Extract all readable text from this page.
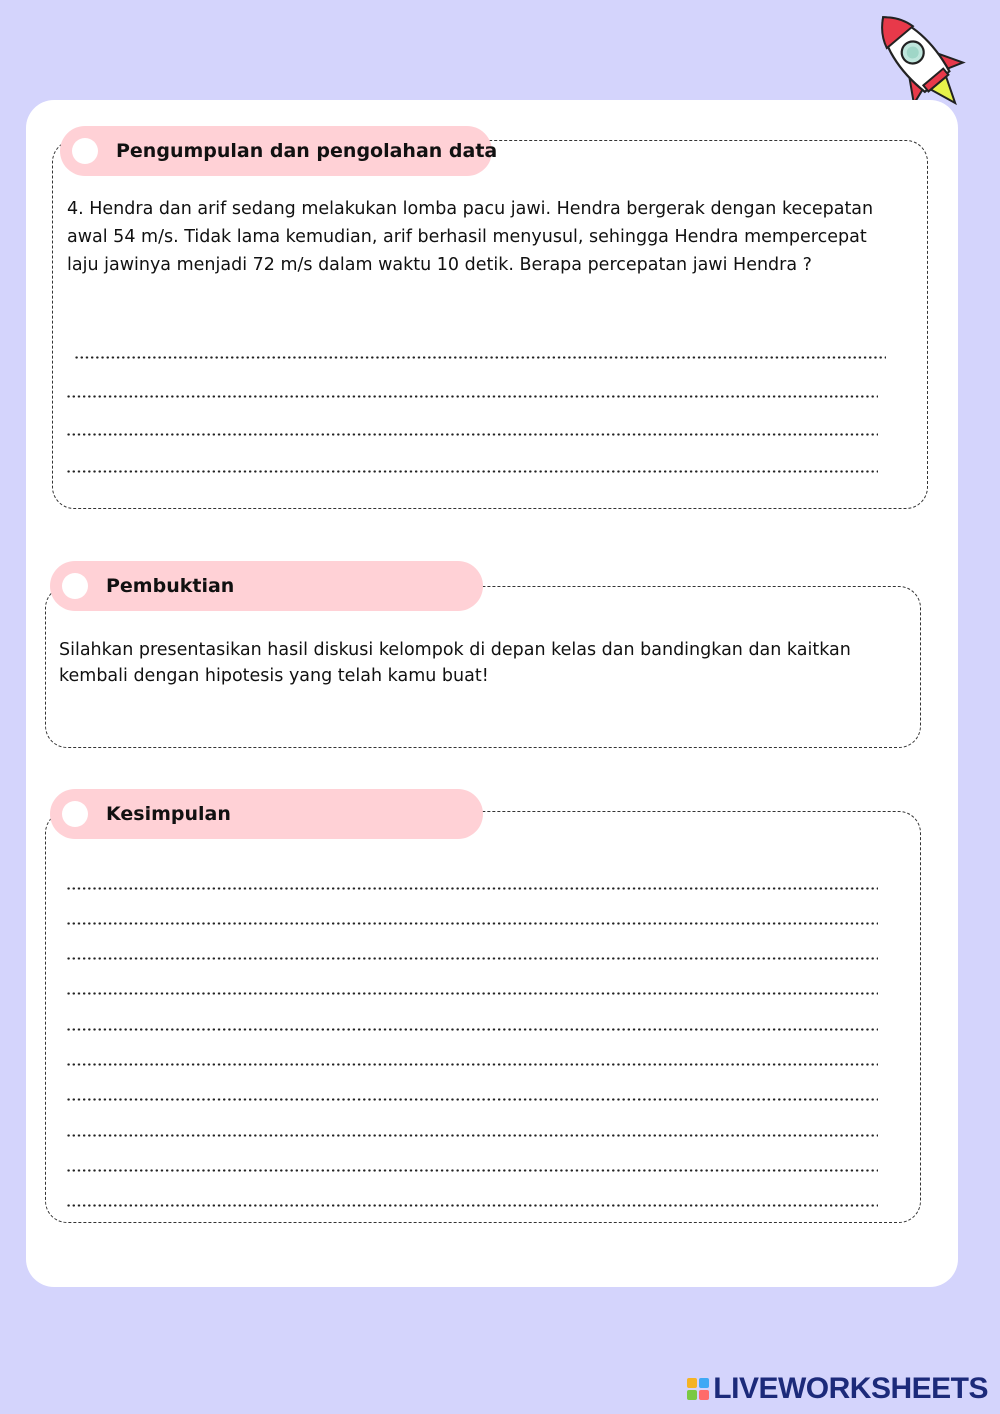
Pengumpulan dan pengolahan data
4. Hendra dan arif sedang melakukan lomba pacu jawi. Hendra bergerak dengan kecepatan awal 54 m/s. Tidak lama kemudian, arif berhasil menyusul, sehingga Hendra mempercepat laju jawinya menjadi 72 m/s dalam waktu 10 detik. Berapa percepatan jawi Hendra ?
Pembuktian
Silahkan presentasikan hasil diskusi kelompok di depan kelas dan bandingkan dan kaitkan kembali dengan hipotesis yang telah kamu buat!
Kesimpulan
LIVEWORKSHEETS
